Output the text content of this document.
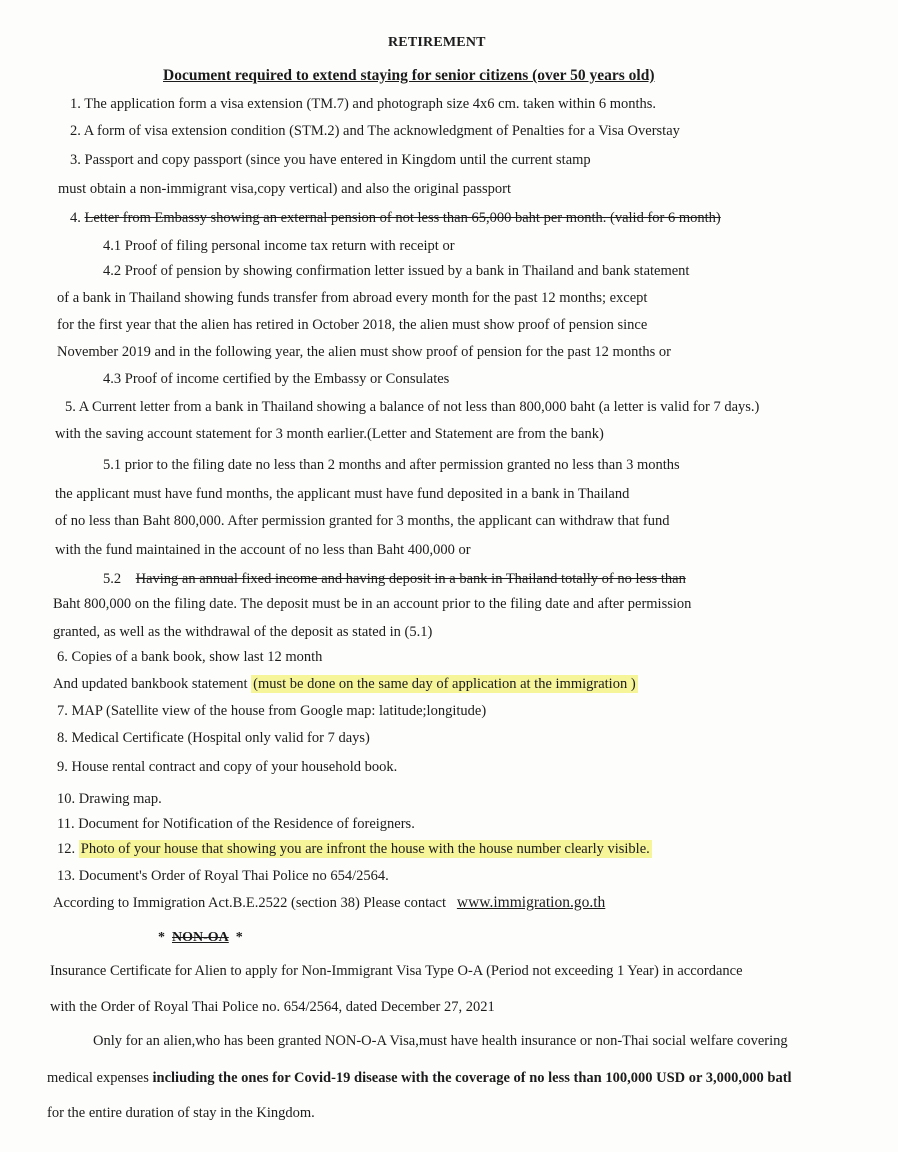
RETIREMENT
Document required to extend staying for senior citizens (over 50 years old)
1. The application form a visa extension (TM.7) and photograph size 4x6 cm. taken within 6 months.
2. A form of visa extension condition (STM.2) and The acknowledgment of Penalties for a Visa Overstay
3. Passport and copy passport (since you have entered in Kingdom until the current stamp
must obtain a non-immigrant visa,copy vertical) and also the original passport
4. Letter from Embassy showing an external pension of not less than 65,000 baht per month. (valid for 6 month)
4.1 Proof of filing personal income tax return with receipt or
4.2 Proof of pension by showing confirmation letter issued by a bank in Thailand and bank statement
of a bank in Thailand showing funds transfer from abroad every month for the past 12 months; except
for the first year that the alien has retired in October 2018, the alien must show proof of pension since
November 2019 and in the following year, the alien must show proof of pension for the past 12 months or
4.3 Proof of income certified by the Embassy or Consulates
5. A Current letter from a bank in Thailand showing a balance of not less than 800,000 baht (a letter is valid for 7 days.)
with the saving account statement for 3 month earlier.(Letter and Statement are from the bank)
5.1 prior to the filing date no less than 2 months and after permission granted no less than 3 months
the applicant must have fund months, the applicant must have fund deposited in a bank in Thailand
of no less than Baht 800,000. After permission granted for 3 months, the applicant can withdraw that fund
with the fund maintained in the account of no less than Baht 400,000 or
5.2 Having an annual fixed income and having deposit in a bank in Thailand totally of no less than
Baht 800,000 on the filing date. The deposit must be in an account prior to the filing date and after permission
granted, as well as the withdrawal of the deposit as stated in (5.1)
6. Copies of a bank book, show last 12 month
And updated bankbook statement (must be done on the same day of application at the immigration )
7. MAP (Satellite view of the house from Google map: latitude;longitude)
8. Medical Certificate (Hospital only valid for 7 days)
9. House rental contract and copy of your household book.
10. Drawing map.
11. Document for Notification of the Residence of foreigners.
12. Photo of your house that showing you are infront the house with the house number clearly visible.
13. Document's Order of Royal Thai Police no 654/2564.
According to Immigration Act.B.E.2522 (section 38) Please contact   www.immigration.go.th
* NON-OA *
Insurance Certificate for Alien to apply for Non-Immigrant Visa Type O-A (Period not exceeding 1 Year) in accordance
with the Order of Royal Thai Police no. 654/2564, dated December 27, 2021
Only for an alien,who has been granted NON-O-A Visa,must have health insurance or non-Thai social welfare covering
medical expenses incliuding the ones for Covid-19 disease with the coverage of no less than 100,000 USD or 3,000,000 batl
for the entire duration of stay in the Kingdom.
